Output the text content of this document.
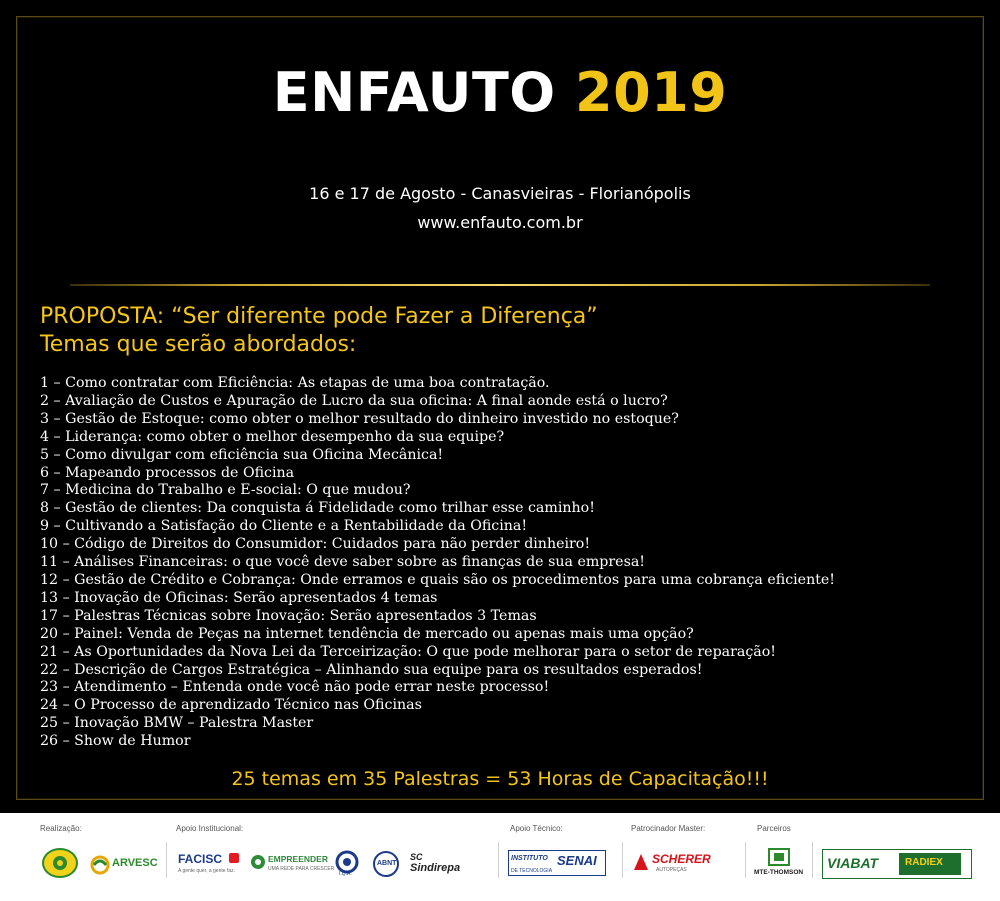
ENFAUTO 2019
16 e 17 de Agosto - Canasvieiras - Florianópolis
www.enfauto.com.br
PROPOSTA: “Ser diferente pode Fazer a Diferença”
Temas que serão abordados:
1 – Como contratar com Eficiência: As etapas de uma boa contratação.
2 – Avaliação de Custos e Apuração de Lucro da sua oficina: A final aonde está o lucro?
3 – Gestão de Estoque: como obter o melhor resultado do dinheiro investido no estoque?
4 – Liderança: como obter o melhor desempenho da sua equipe?
5 – Como divulgar com eficiência sua Oficina Mecânica!
6 – Mapeando processos de Oficina
7 – Medicina do Trabalho e E-social: O que mudou?
8 – Gestão de clientes: Da conquista á Fidelidade como trilhar esse caminho!
9 – Cultivando a Satisfação do Cliente e a Rentabilidade da Oficina!
10 – Código de Direitos do Consumidor: Cuidados para não perder dinheiro!
11 – Análises Financeiras: o que você deve saber sobre as finanças de sua empresa!
12 – Gestão de Crédito e Cobrança: Onde erramos e quais são os procedimentos para uma cobrança eficiente!
13 – Inovação de Oficinas: Serão apresentados 4 temas
17 – Palestras Técnicas sobre Inovação: Serão apresentados 3 Temas
20 – Painel: Venda de Peças na internet tendência de mercado ou apenas mais uma opção?
21 – As Oportunidades da Nova Lei da Terceirização: O que pode melhorar para o setor de reparação!
22 – Descrição de Cargos Estratégica – Alinhando sua equipe para os resultados esperados!
23 – Atendimento – Entenda onde você não pode errar neste processo!
24 – O Processo de aprendizado Técnico nas Oficinas
25 – Inovação BMW – Palestra Master
26 – Show de Humor
25 temas em 35 Palestras = 53 Horas de Capacitação!!!
Realização:	Apoio Institucional:	Apoio Técnico:	Patrocinador Master:	Parceiros
ARVESC FACISC
A gente quer, a gente faz.
EMPREENDER
UMA REDE PARA CRESCER
I.Q.A.
ABNT
SC
Sindirepa
INSTITUTO SENAI
DE TECNOLOGIA
SCHERER
AUTOPEÇAS	MTE-THOMSON
VIABAT	RADIEX
